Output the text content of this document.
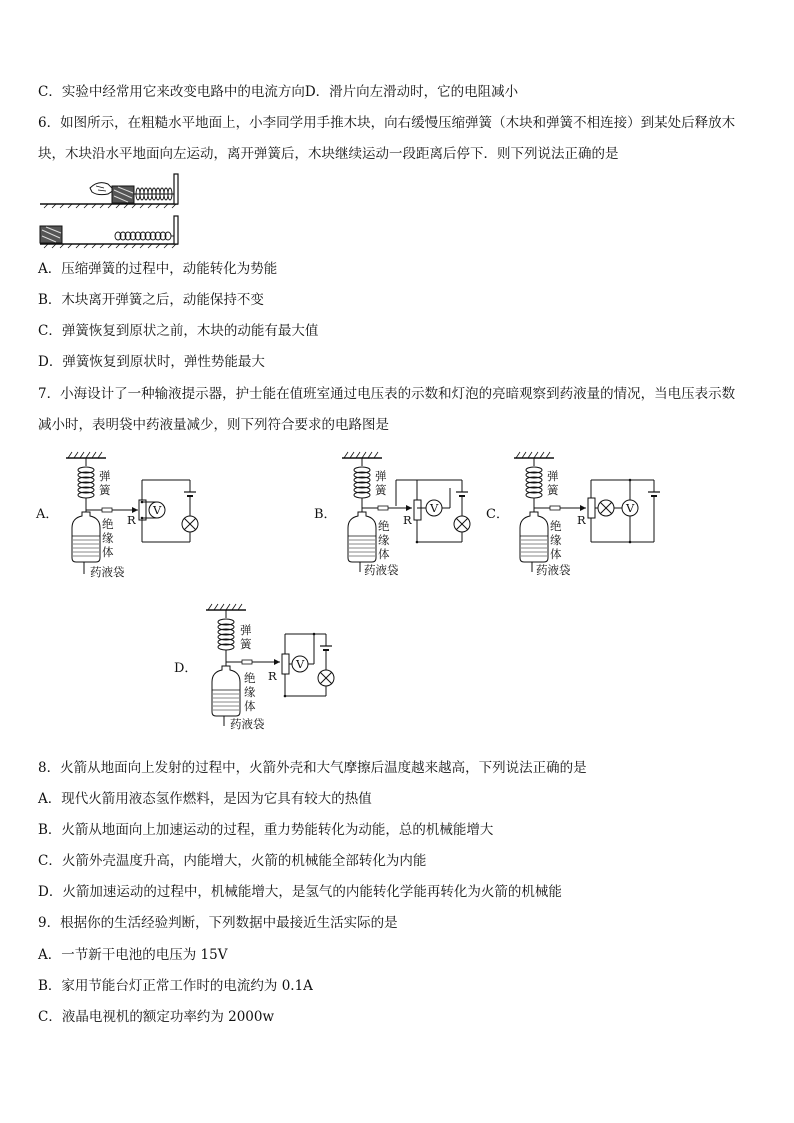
C．实验中经常用它来改变电路中的电流方向D．滑片向左滑动时，它的电阻减小
6．如图所示，在粗糙水平地面上，小李同学用手推木块，向右缓慢压缩弹簧（木块和弹簧不相连接）到某处后释放木
块，木块沿水平地面向左运动，离开弹簧后，木块继续运动一段距离后停下．则下列说法正确的是
A．压缩弹簧的过程中，动能转化为势能
B．木块离开弹簧之后，动能保持不变
C．弹簧恢复到原状之前，木块的动能有最大值
D．弹簧恢复到原状时，弹性势能最大
7．小海设计了一种输液提示器，护士能在值班室通过电压表的示数和灯泡的亮暗观察到药液量的情况，当电压表示数
减小时，表明袋中药液量减少，则下列符合要求的电路图是
A．
弹
簧
R
绝
缘
体
药液袋
V	B．
弹
簧
R
绝
缘
体
药液袋
V	C．
弹
簧
R
绝
缘
体
药液袋
V
D．
弹
簧
R
绝
缘
体
药液袋
V
8．火箭从地面向上发射的过程中，火箭外壳和大气摩擦后温度越来越高，下列说法正确的是
A．现代火箭用液态氢作燃料，是因为它具有较大的热值
B．火箭从地面向上加速运动的过程，重力势能转化为动能，总的机械能增大
C．火箭外壳温度升高，内能增大，火箭的机械能全部转化为内能
D．火箭加速运动的过程中，机械能增大，是氢气的内能转化学能再转化为火箭的机械能
9．根据你的生活经验判断，下列数据中最接近生活实际的是
A．一节新干电池的电压为 15V
B．家用节能台灯正常工作时的电流约为 0.1A
C．液晶电视机的额定功率约为 2000w
